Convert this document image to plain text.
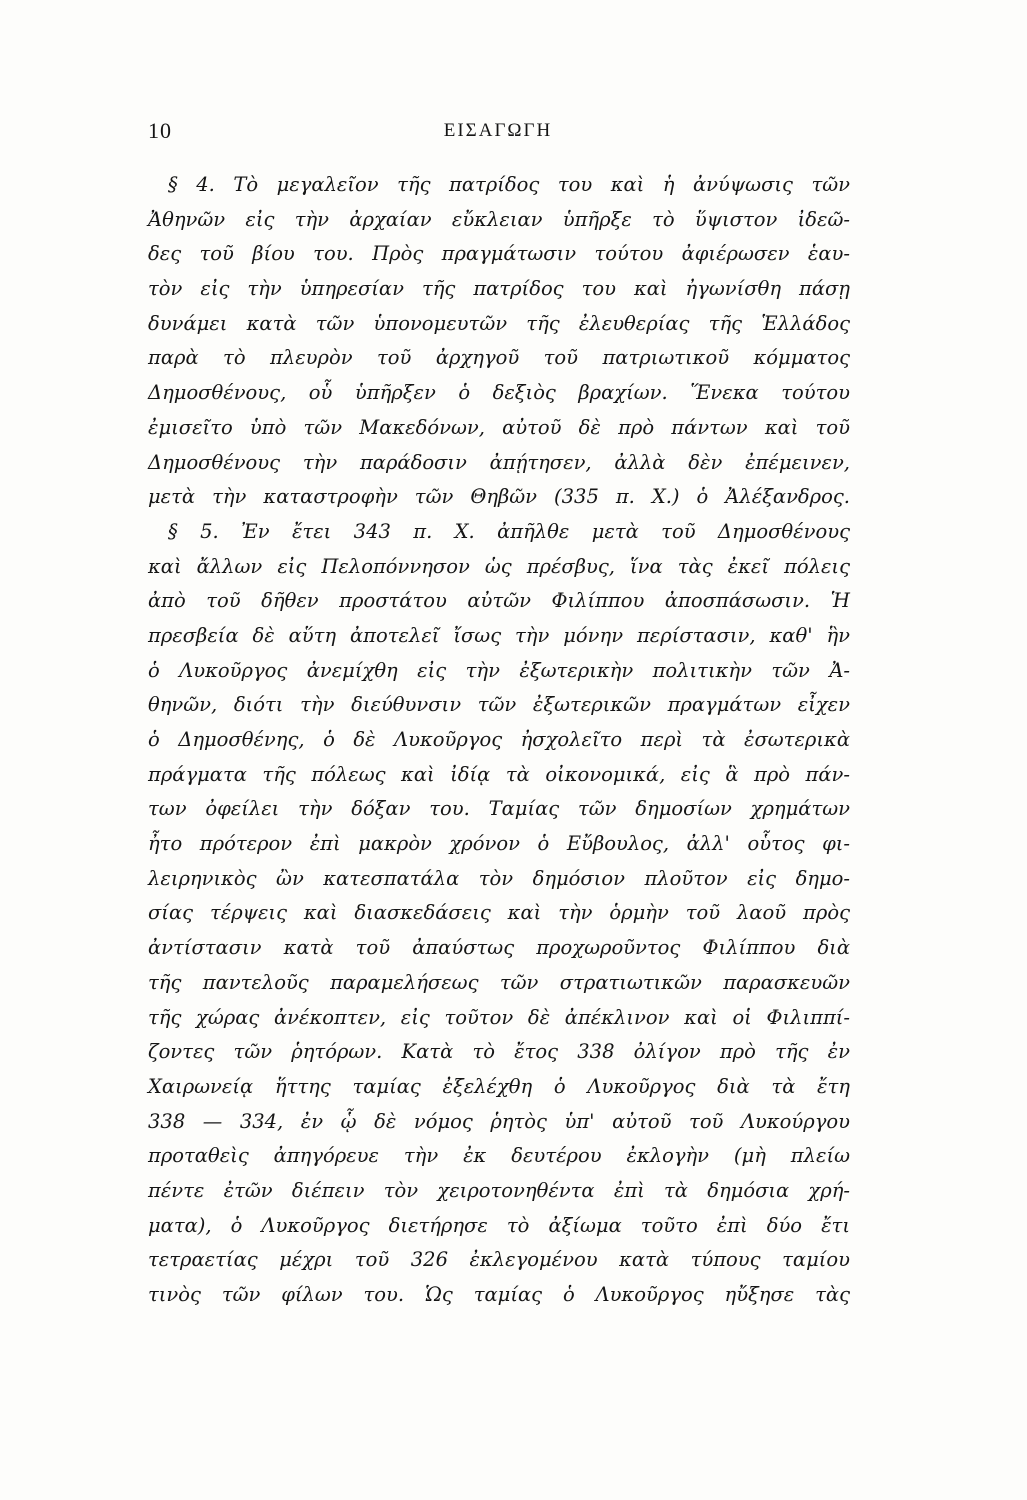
10	ΕΙΣΑΓΩΓΗ
§ 4. Τὸ μεγαλεῖον τῆς πατρίδος του καὶ ἡ ἀνύψωσις τῶν
Ἀθηνῶν εἰς τὴν ἀρχαίαν εὔκλειαν ὑπῆρξε τὸ ὕψιστον ἰδεῶ-
δες τοῦ βίου του. Πρὸς πραγμάτωσιν τούτου ἀφιέρωσεν ἑαυ-
τὸν εἰς τὴν ὑπηρεσίαν τῆς πατρίδος του καὶ ἠγωνίσθη πάσῃ
δυνάμει κατὰ τῶν ὑπονομευτῶν τῆς ἐλευθερίας τῆς Ἑλλάδος
παρὰ τὸ πλευρὸν τοῦ ἀρχηγοῦ τοῦ πατριωτικοῦ κόμματος
Δημοσθένους, οὗ ὑπῆρξεν ὁ δεξιὸς βραχίων. Ἕνεκα τούτου
ἐμισεῖτο ὑπὸ τῶν Μακεδόνων, αὐτοῦ δὲ πρὸ πάντων καὶ τοῦ
Δημοσθένους τὴν παράδοσιν ἀπῄτησεν, ἀλλὰ δὲν ἐπέμεινεν,
μετὰ τὴν καταστροφὴν τῶν Θηβῶν (335 π. Χ.) ὁ Ἀλέξανδρος.
§ 5. Ἐν ἔτει 343 π. Χ. ἀπῆλθε μετὰ τοῦ Δημοσθένους
καὶ ἄλλων εἰς Πελοπόννησον ὡς πρέσβυς, ἵνα τὰς ἐκεῖ πόλεις
ἀπὸ τοῦ δῆθεν προστάτου αὐτῶν Φιλίππου ἀποσπάσωσιν. Ἡ
πρεσβεία δὲ αὕτη ἀποτελεῖ ἴσως τὴν μόνην περίστασιν, καθ' ἣν
ὁ Λυκοῦργος ἀνεμίχθη εἰς τὴν ἐξωτερικὴν πολιτικὴν τῶν Ἀ-
θηνῶν, διότι τὴν διεύθυνσιν τῶν ἐξωτερικῶν πραγμάτων εἶχεν
ὁ Δημοσθένης, ὁ δὲ Λυκοῦργος ἠσχολεῖτο περὶ τὰ ἐσωτερικὰ
πράγματα τῆς πόλεως καὶ ἰδίᾳ τὰ οἰκονομικά, εἰς ἃ πρὸ πάν-
των ὀφείλει τὴν δόξαν του. Ταμίας τῶν δημοσίων χρημάτων
ἦτο πρότερον ἐπὶ μακρὸν χρόνον ὁ Εὔβουλος, ἀλλ' οὗτος φι-
λειρηνικὸς ὢν κατεσπατάλα τὸν δημόσιον πλοῦτον εἰς δημο-
σίας τέρψεις καὶ διασκεδάσεις καὶ τὴν ὁρμὴν τοῦ λαοῦ πρὸς
ἀντίστασιν κατὰ τοῦ ἀπαύστως προχωροῦντος Φιλίππου διὰ
τῆς παντελοῦς παραμελήσεως τῶν στρατιωτικῶν παρασκευῶν
τῆς χώρας ἀνέκοπτεν, εἰς τοῦτον δὲ ἀπέκλινον καὶ οἱ Φιλιππί-
ζοντες τῶν ῥητόρων. Κατὰ τὸ ἔτος 338 ὀλίγον πρὸ τῆς ἐν
Χαιρωνείᾳ ἥττης ταμίας ἐξελέχθη ὁ Λυκοῦργος διὰ τὰ ἔτη
338 — 334, ἐν ᾧ δὲ νόμος ῥητὸς ὑπ' αὐτοῦ τοῦ Λυκούργου
προταθεὶς ἀπηγόρευε τὴν ἐκ δευτέρου ἐκλογὴν (μὴ πλείω
πέντε ἐτῶν διέπειν τὸν χειροτονηθέντα ἐπὶ τὰ δημόσια χρή-
ματα), ὁ Λυκοῦργος διετήρησε τὸ ἀξίωμα τοῦτο ἐπὶ δύο ἔτι
τετραετίας μέχρι τοῦ 326 ἐκλεγομένου κατὰ τύπους ταμίου
τινὸς τῶν φίλων του. Ὡς ταμίας ὁ Λυκοῦργος ηὔξησε τὰς
